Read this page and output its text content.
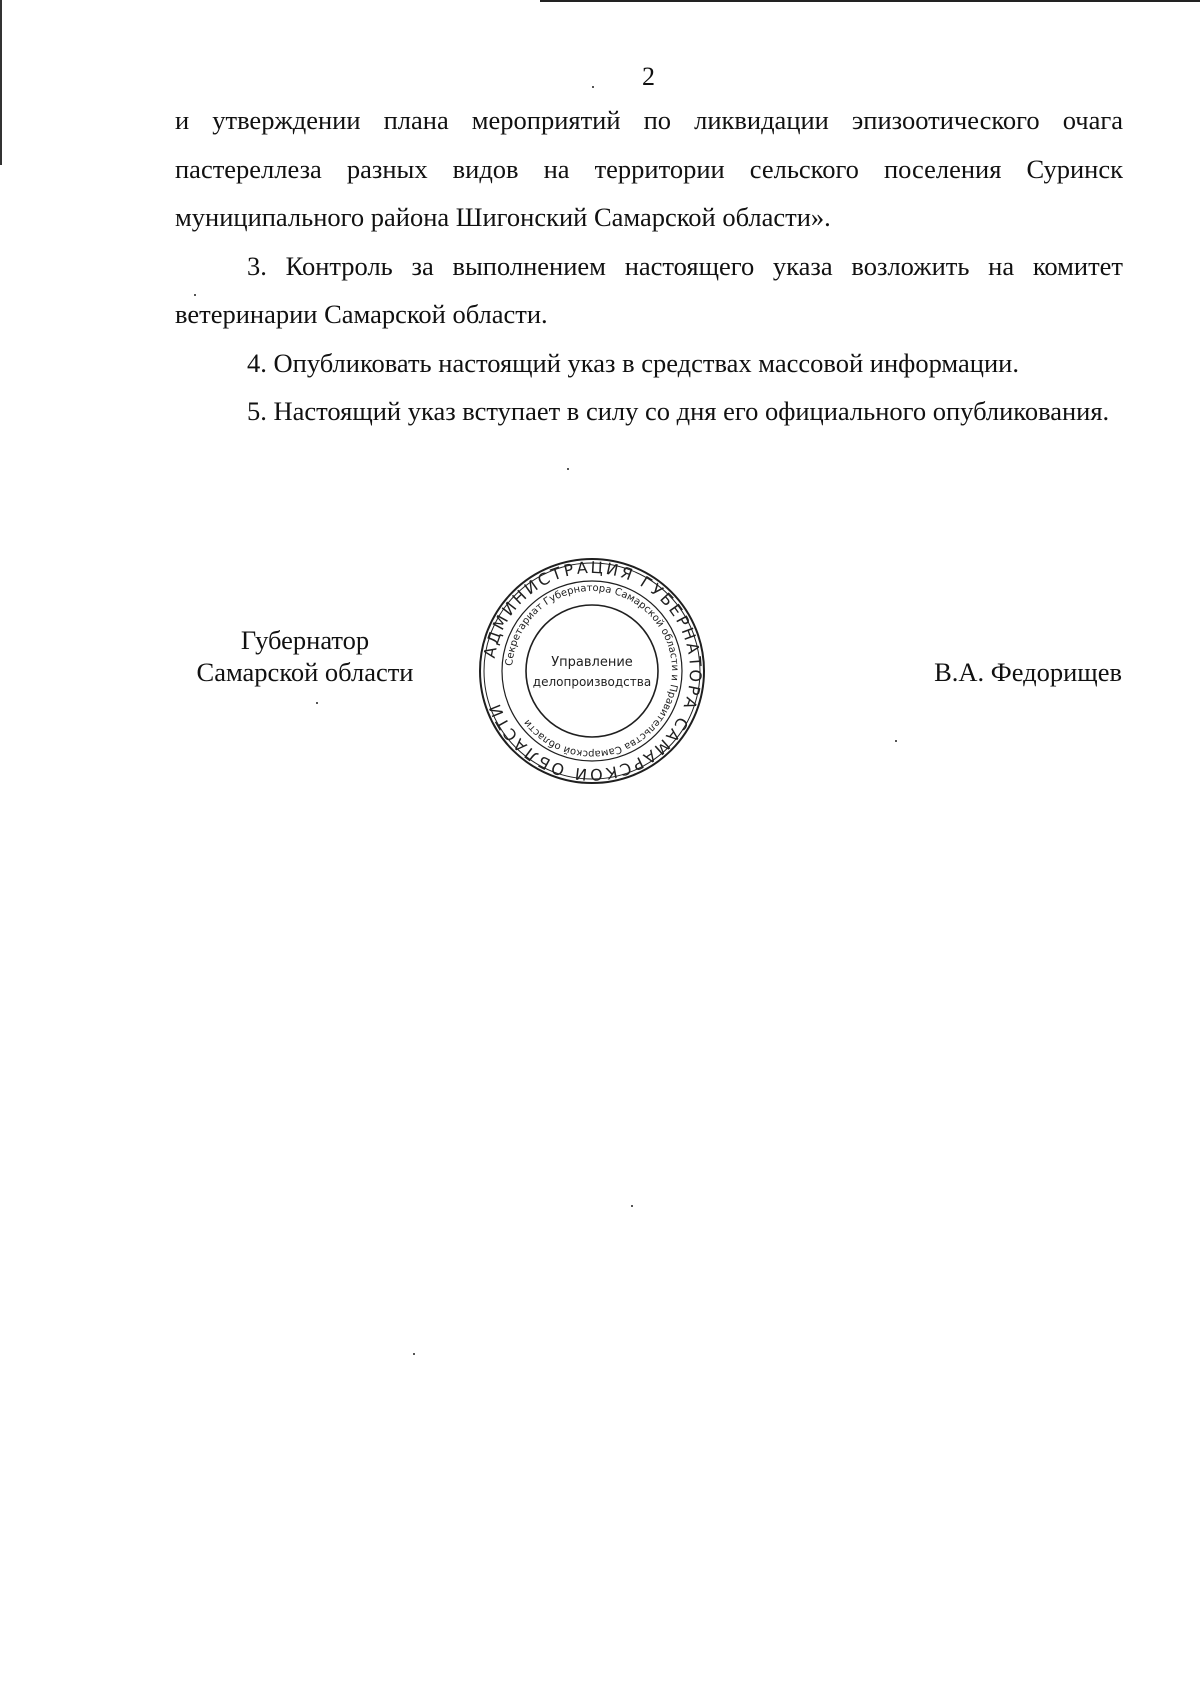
2

и утверждении плана мероприятий по ликвидации эпизоотического очага пастереллеза разных видов на территории сельского поселения Суринск муниципального района Шигонский Самарской области».

3. Контроль за выполнением настоящего указа возложить на комитет ветеринарии Самарской области.

4. Опубликовать настоящий указ в средствах массовой информации.

5. Настоящий указ вступает в силу со дня его официального опубликования.

Губернатор
Самарской области	В.А. Федорищев
АДМИНИСТРАЦИЯ ГУБЕРНАТОРА САМАРСКОЙ ОБЛАСТИ
Секретариат Губернатора Самарской области и Правительства Самарской области
Управление
делопроизводства
